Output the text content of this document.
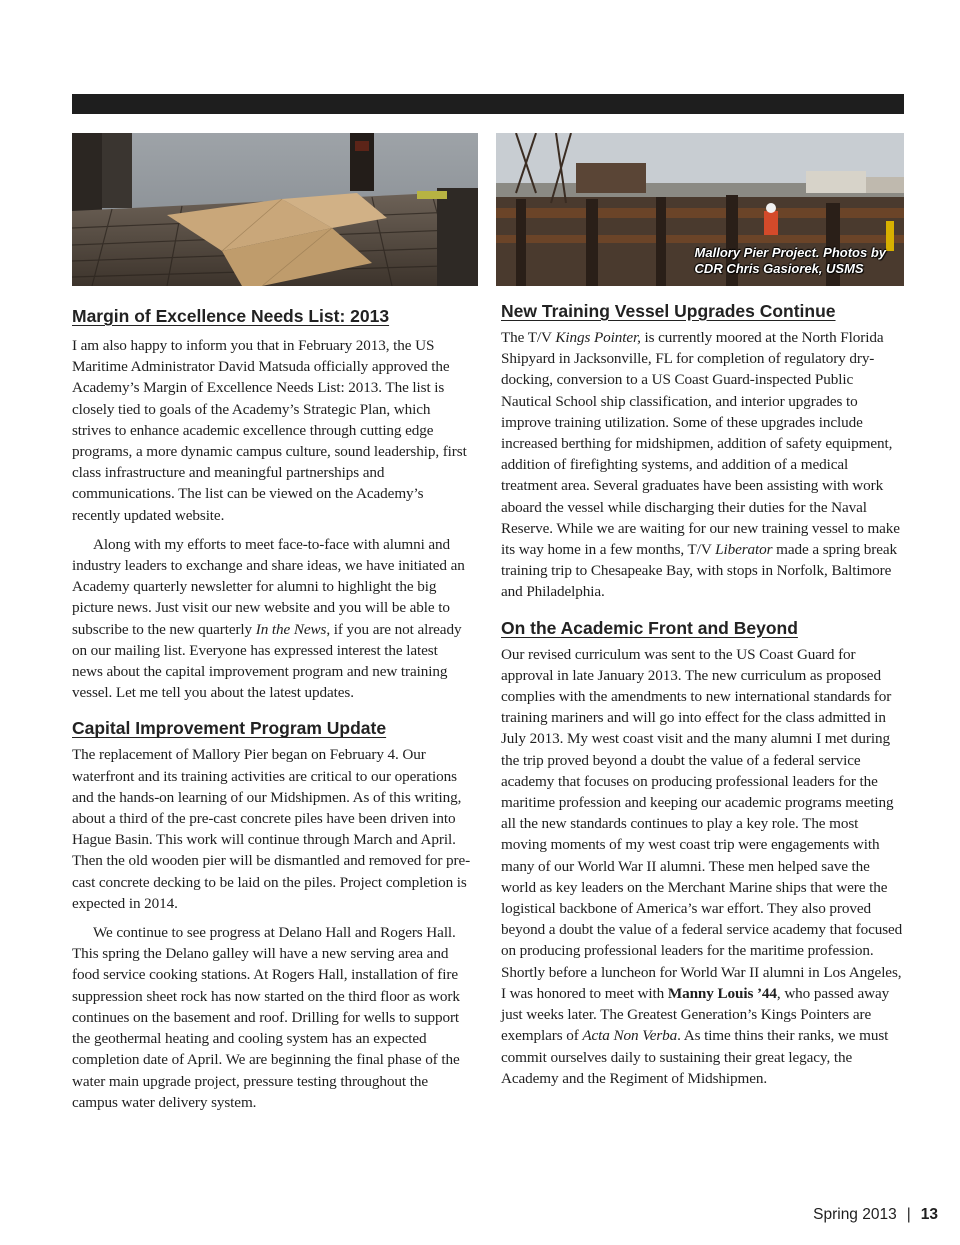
Mallory Pier Project. Photos by
CDR Chris Gasiorek, USMS
Margin of Excellence Needs List: 2013

I am also happy to inform you that in February 2013, the US Maritime Administrator David Matsuda officially approved the Academy’s Margin of Excellence Needs List: 2013. The list is closely tied to goals of the Academy’s Strategic Plan, which strives to enhance academic excellence through cutting edge programs, a more dynamic campus culture, sound leadership, first class infrastructure and meaningful partnerships and communications. The list can be viewed on the Academy’s recently updated website.

Along with my efforts to meet face-to-face with alumni and industry leaders to exchange and share ideas, we have initiated an Academy quarterly newsletter for alumni to highlight the big picture news. Just visit our new website and you will be able to subscribe to the new quarterly In the News, if you are not already on our mailing list. Everyone has expressed interest the latest news about the capital improvement program and new training vessel. Let me tell you about the latest updates.

Capital Improvement Program Update

The replacement of Mallory Pier began on February 4. Our waterfront and its training activities are critical to our operations and the hands-on learning of our Midshipmen. As of this writing, about a third of the pre-cast concrete piles have been driven into Hague Basin. This work will continue through March and April. Then the old wooden pier will be dismantled and removed for pre-cast concrete decking to be laid on the piles. Project completion is expected in 2014.

We continue to see progress at Delano Hall and Rogers Hall. This spring the Delano galley will have a new serving area and food service cooking stations. At Rogers Hall, installation of fire suppression sheet rock has now started on the third floor as work continues on the basement and roof. Drilling for wells to support the geothermal heating and cooling system has an expected completion date of April. We are beginning the final phase of the water main upgrade project, pressure testing throughout the campus water delivery system.

New Training Vessel Upgrades Continue

The T/V Kings Pointer, is currently moored at the North Florida Shipyard in Jacksonville, FL for completion of regulatory dry-docking, conversion to a US Coast Guard-inspected Public Nautical School ship classification, and interior upgrades to improve training utilization. Some of these upgrades include increased berthing for midshipmen, addition of safety equipment, addition of firefighting systems, and addition of a medical treatment area. Several graduates have been assisting with work aboard the vessel while discharging their duties for the Naval Reserve. While we are waiting for our new training vessel to make its way home in a few months, T/V Liberator made a spring break training trip to Chesapeake Bay, with stops in Norfolk, Baltimore and Philadelphia.

On the Academic Front and Beyond

Our revised curriculum was sent to the US Coast Guard for approval in late January 2013. The new curriculum as proposed complies with the amendments to new international standards for training mariners and will go into effect for the class admitted in July 2013. My west coast visit and the many alumni I met during the trip proved beyond a doubt the value of a federal service academy that focuses on producing professional leaders for the maritime profession and keeping our academic programs meeting all the new standards continues to play a key role. The most moving moments of my west coast trip were engagements with many of our World War II alumni. These men helped save the world as key leaders on the Merchant Marine ships that were the logistical backbone of America’s war effort. They also proved beyond a doubt the value of a federal service academy that focused on producing professional leaders for the maritime profession. Shortly before a luncheon for World War II alumni in Los Angeles, I was honored to meet with Manny Louis ’44, who passed away just weeks later. The Greatest Generation’s Kings Pointers are exemplars of Acta Non Verba. As time thins their ranks, we must commit ourselves daily to sustaining their great legacy, the Academy and the Regiment of Midshipmen.

Spring 2013 | 13
